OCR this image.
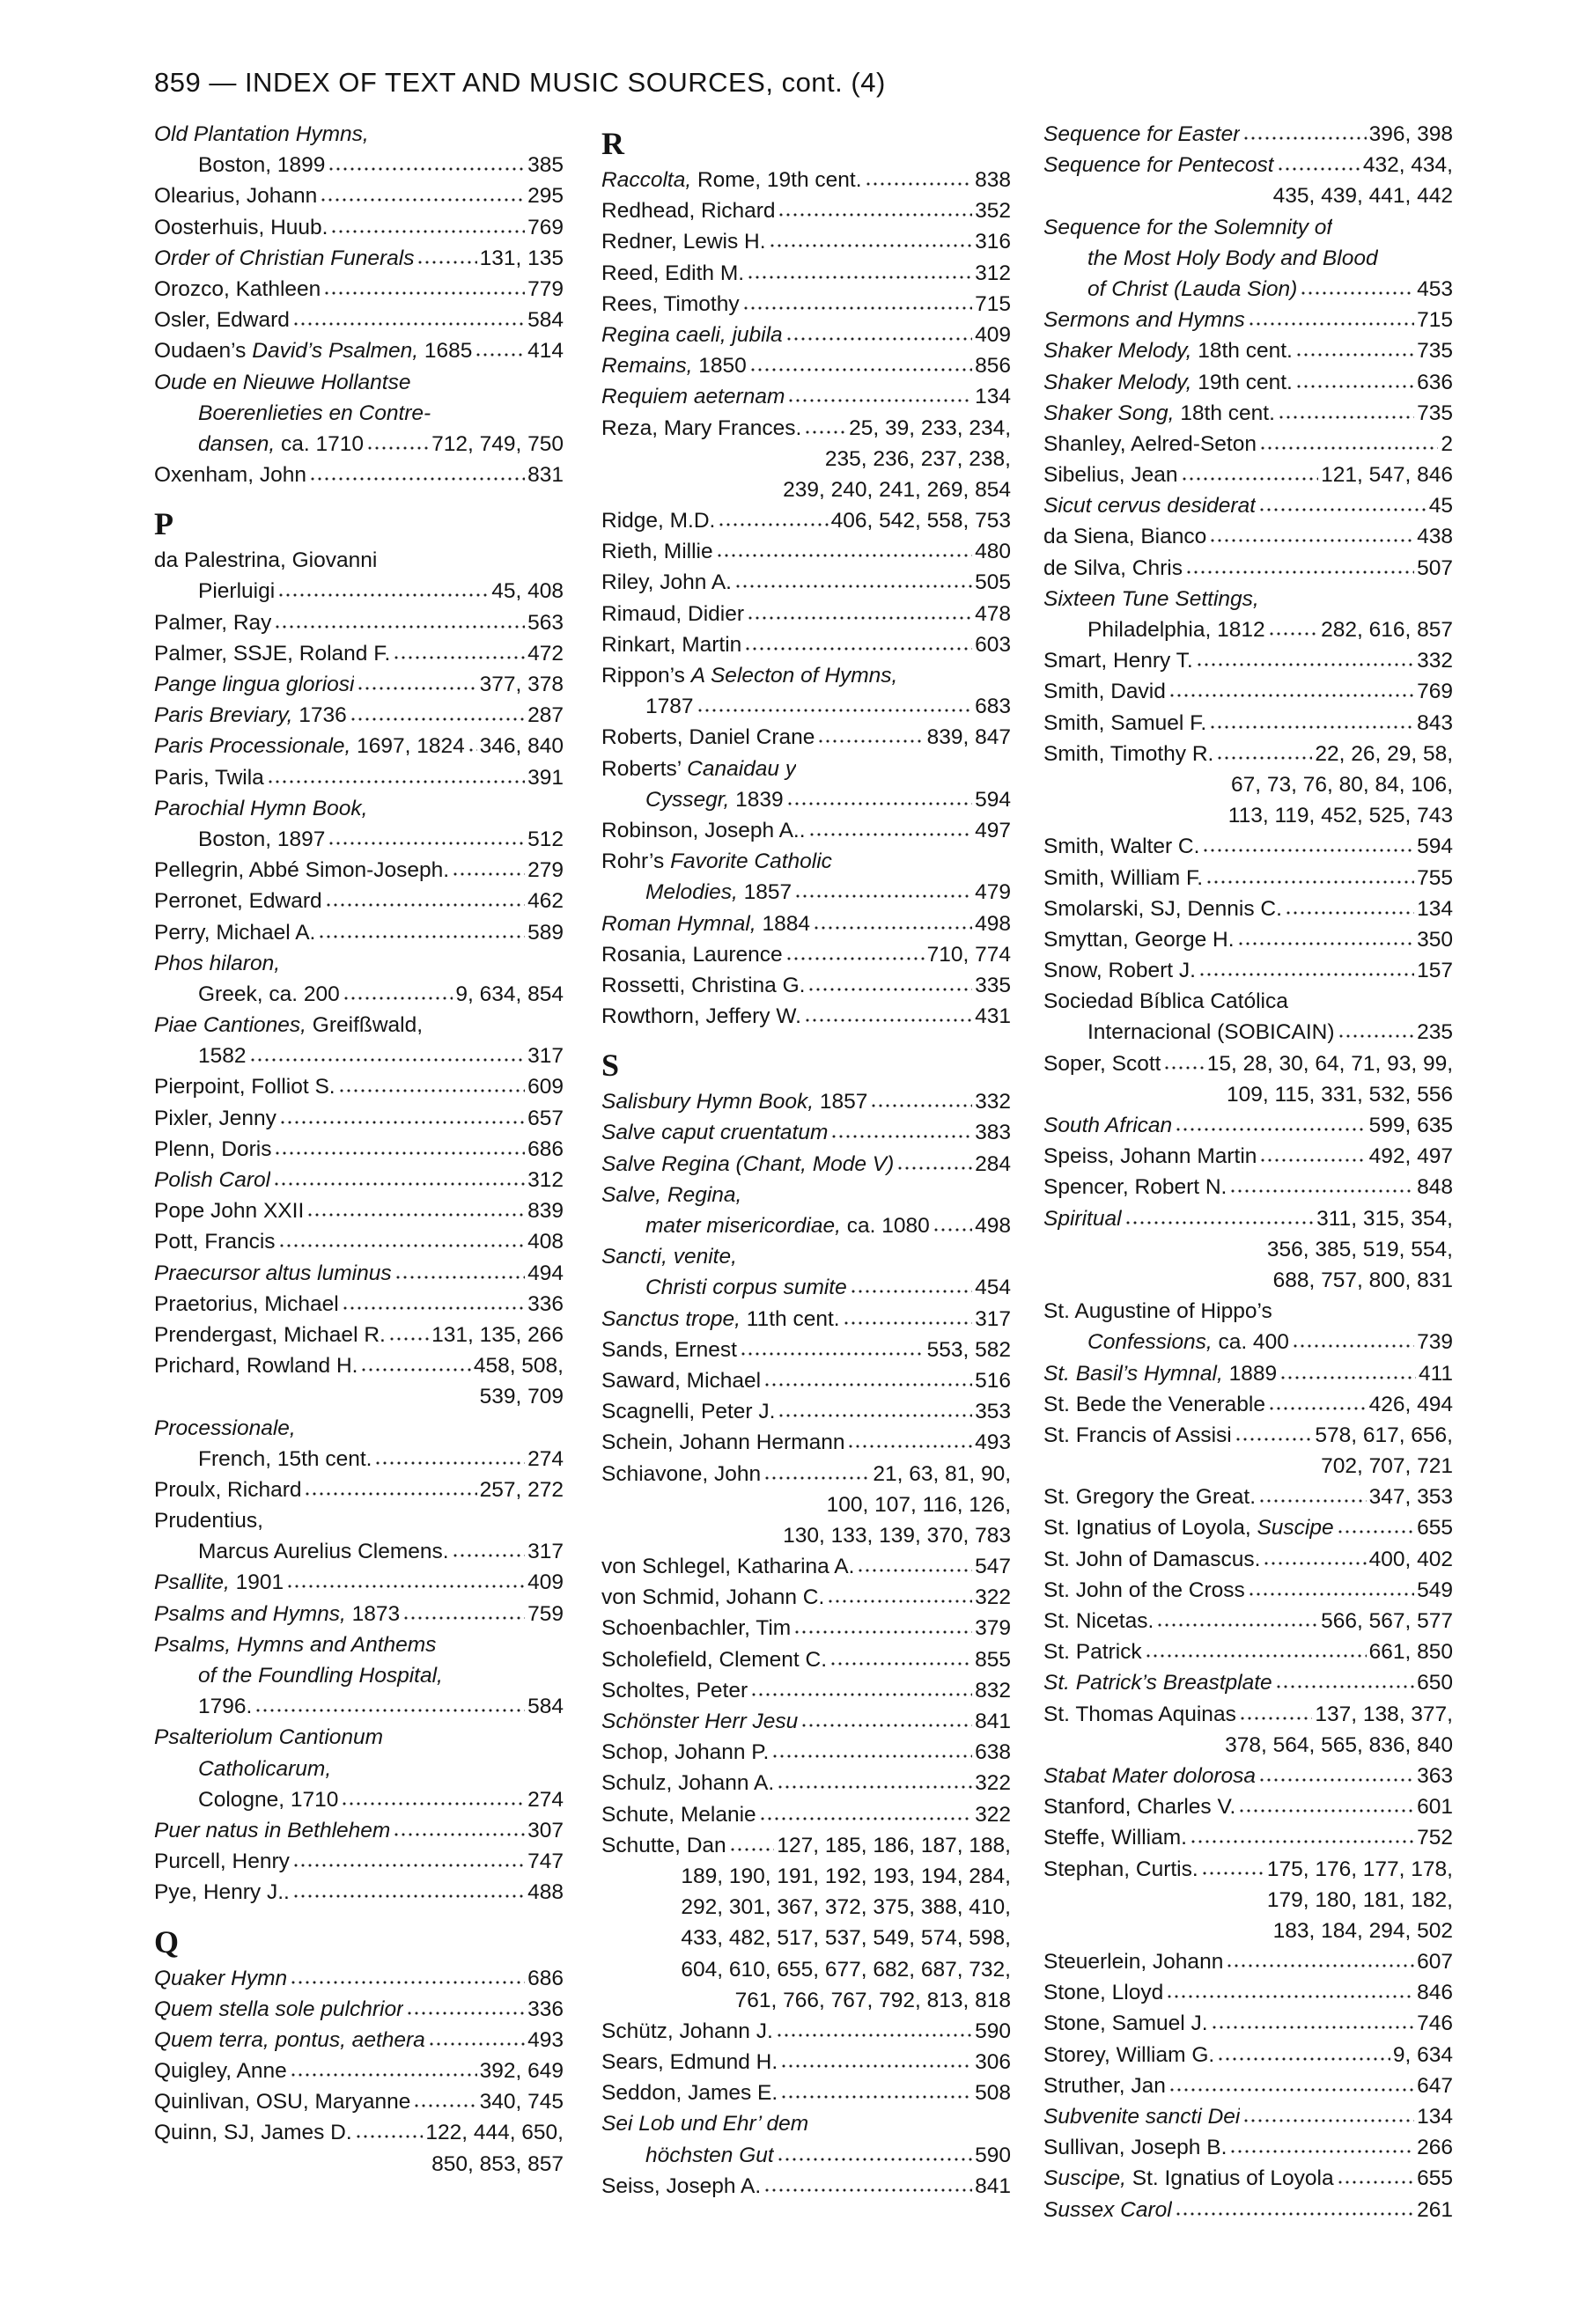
859 — INDEX OF TEXT AND MUSIC SOURCES, cont. (4)
Old Plantation Hymns,
Boston, 1899	385
Olearius, Johann	295
Oosterhuis, Huub.	769
Order of Christian Funerals	131, 135
Orozco, Kathleen	779
Osler, Edward	584
Oudaen’s David’s Psalmen, 1685	414
Oude en Nieuwe Hollantse
Boerenlieties en Contre-
dansen, ca. 1710	712, 749, 750
Oxenham, John	831
P
da Palestrina, Giovanni
Pierluigi	45, 408
Palmer, Ray	563
Palmer, SSJE, Roland F.	472
Pange lingua gloriosi	377, 378
Paris Breviary, 1736	287
Paris Processionale, 1697, 1824 346, 840
Paris, Twila	391
Parochial Hymn Book,
Boston, 1897	512
Pellegrin, Abbé Simon-Joseph.	279
Perronet, Edward	462
Perry, Michael A.	589
Phos hilaron,
Greek, ca. 200	9, 634, 854
Piae Cantiones, Greifßwald,
1582	317
Pierpoint, Folliot S.	609
Pixler, Jenny	657
Plenn, Doris	686
Polish Carol	312
Pope John XXII	839
Pott, Francis	408
Praecursor altus luminus	494
Praetorius, Michael	336
Prendergast, Michael R. 131, 135, 266
Prichard, Rowland H.	458, 508,
539, 709
Processionale,
French, 15th cent.	274
Proulx, Richard	257, 272
Prudentius,
Marcus Aurelius Clemens.	317
Psallite, 1901	409
Psalms and Hymns, 1873	759
Psalms, Hymns and Anthems
of the Foundling Hospital,
1796.	584
Psalteriolum Cantionum
Catholicarum,
Cologne, 1710	274
Puer natus in Bethlehem	307
Purcell, Henry	747
Pye, Henry J..	488
Q
Quaker Hymn	686
Quem stella sole pulchrior	336
Quem terra, pontus, aethera	493
Quigley, Anne	392, 649
Quinlivan, OSU, Maryanne	340, 745
Quinn, SJ, James D.	122, 444, 650,
850, 853, 857
R
Raccolta, Rome, 19th cent.	838
Redhead, Richard	352
Redner, Lewis H.	316
Reed, Edith M.	312
Rees, Timothy	715
Regina caeli, jubila	409
Remains, 1850	856
Requiem aeternam	134
Reza, Mary Frances. 25, 39, 233, 234,
235, 236, 237, 238,
239, 240, 241, 269, 854
Ridge, M.D.	406, 542, 558, 753
Rieth, Millie	480
Riley, John A.	505
Rimaud, Didier	478
Rinkart, Martin	603
Rippon’s A Selecton of Hymns,
1787	683
Roberts, Daniel Crane	839, 847
Roberts’ Canaidau y
Cyssegr, 1839	594
Robinson, Joseph A..	497
Rohr’s Favorite Catholic
Melodies, 1857	479
Roman Hymnal, 1884	498
Rosania, Laurence	710, 774
Rossetti, Christina G.	335
Rowthorn, Jeffery W.	431
S
Salisbury Hymn Book, 1857	332
Salve caput cruentatum	383
Salve Regina (Chant, Mode V)	284
Salve, Regina,
mater misericordiae, ca. 1080 498
Sancti, venite,
Christi corpus sumite	454
Sanctus trope, 11th cent.	317
Sands, Ernest	553, 582
Saward, Michael	516
Scagnelli, Peter J.	353
Schein, Johann Hermann	493
Schiavone, John	21, 63, 81, 90,
100, 107, 116, 126,
130, 133, 139, 370, 783
von Schlegel, Katharina A.	547
von Schmid, Johann C.	322
Schoenbachler, Tim	379
Scholefield, Clement C.	855
Scholtes, Peter	832
Schönster Herr Jesu	841
Schop, Johann P.	638
Schulz, Johann A.	322
Schute, Melanie	322
Schutte, Dan 127, 185, 186, 187, 188,
189, 190, 191, 192, 193, 194, 284,
292, 301, 367, 372, 375, 388, 410,
433, 482, 517, 537, 549, 574, 598,
604, 610, 655, 677, 682, 687, 732,
761, 766, 767, 792, 813, 818
Schütz, Johann J.	590
Sears, Edmund H.	306
Seddon, James E.	508
Sei Lob und Ehr’ dem
höchsten Gut	590
Seiss, Joseph A.	841
Sequence for Easter	396, 398
Sequence for Pentecost	432, 434,
435, 439, 441, 442
Sequence for the Solemnity of
the Most Holy Body and Blood
of Christ (Lauda Sion)	453
Sermons and Hymns	715
Shaker Melody, 18th cent.	735
Shaker Melody, 19th cent.	636
Shaker Song, 18th cent.	735
Shanley, Aelred-Seton	2
Sibelius, Jean	121, 547, 846
Sicut cervus desiderat	45
da Siena, Bianco	438
de Silva, Chris	507
Sixteen Tune Settings,
Philadelphia, 1812	282, 616, 857
Smart, Henry T.	332
Smith, David	769
Smith, Samuel F.	843
Smith, Timothy R.	22, 26, 29, 58,
67, 73, 76, 80, 84, 106,
113, 119, 452, 525, 743
Smith, Walter C.	594
Smith, William F.	755
Smolarski, SJ, Dennis C.	134
Smyttan, George H.	350
Snow, Robert J.	157
Sociedad Bíblica Católica
Internacional (SOBICAIN)	235
Soper, Scott 15, 28, 30, 64, 71, 93, 99,
109, 115, 331, 532, 556
South African	599, 635
Speiss, Johann Martin	492, 497
Spencer, Robert N.	848
Spiritual	311, 315, 354,
356, 385, 519, 554,
688, 757, 800, 831
St. Augustine of Hippo’s
Confessions, ca. 400	739
St. Basil’s Hymnal, 1889	411
St. Bede the Venerable	426, 494
St. Francis of Assisi	578, 617, 656,
702, 707, 721
St. Gregory the Great.	347, 353
St. Ignatius of Loyola, Suscipe	655
St. John of Damascus.	400, 402
St. John of the Cross	549
St. Nicetas.	566, 567, 577
St. Patrick	661, 850
St. Patrick’s Breastplate	650
St. Thomas Aquinas	137, 138, 377,
378, 564, 565, 836, 840
Stabat Mater dolorosa	363
Stanford, Charles V.	601
Steffe, William.	752
Stephan, Curtis.	175, 176, 177, 178,
179, 180, 181, 182,
183, 184, 294, 502
Steuerlein, Johann	607
Stone, Lloyd	846
Stone, Samuel J.	746
Storey, William G.	9, 634
Struther, Jan	647
Subvenite sancti Dei	134
Sullivan, Joseph B.	266
Suscipe, St. Ignatius of Loyola	655
Sussex Carol	261
